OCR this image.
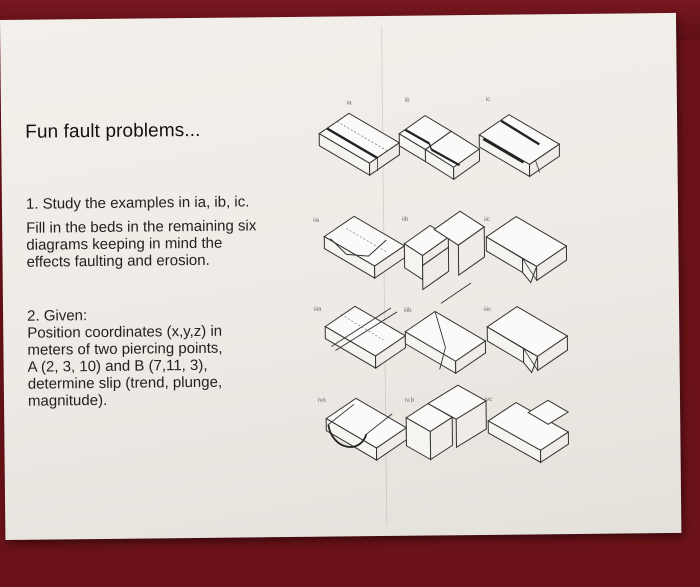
Fun fault problems...
1. Study the examples in ia, ib, ic.
Fill in the beds in the remaining six
diagrams keeping in mind the
effects faulting and erosion.
2. Given:
Position coordinates (x,y,z) in
meters of two piercing points,
A (2, 3, 10) and B (7,11, 3),
determine slip (trend, plunge,
magnitude).
ia	ib	ic
iia	iib	iic
iiia	iiib	iiic
iva	iv.b	ivc
